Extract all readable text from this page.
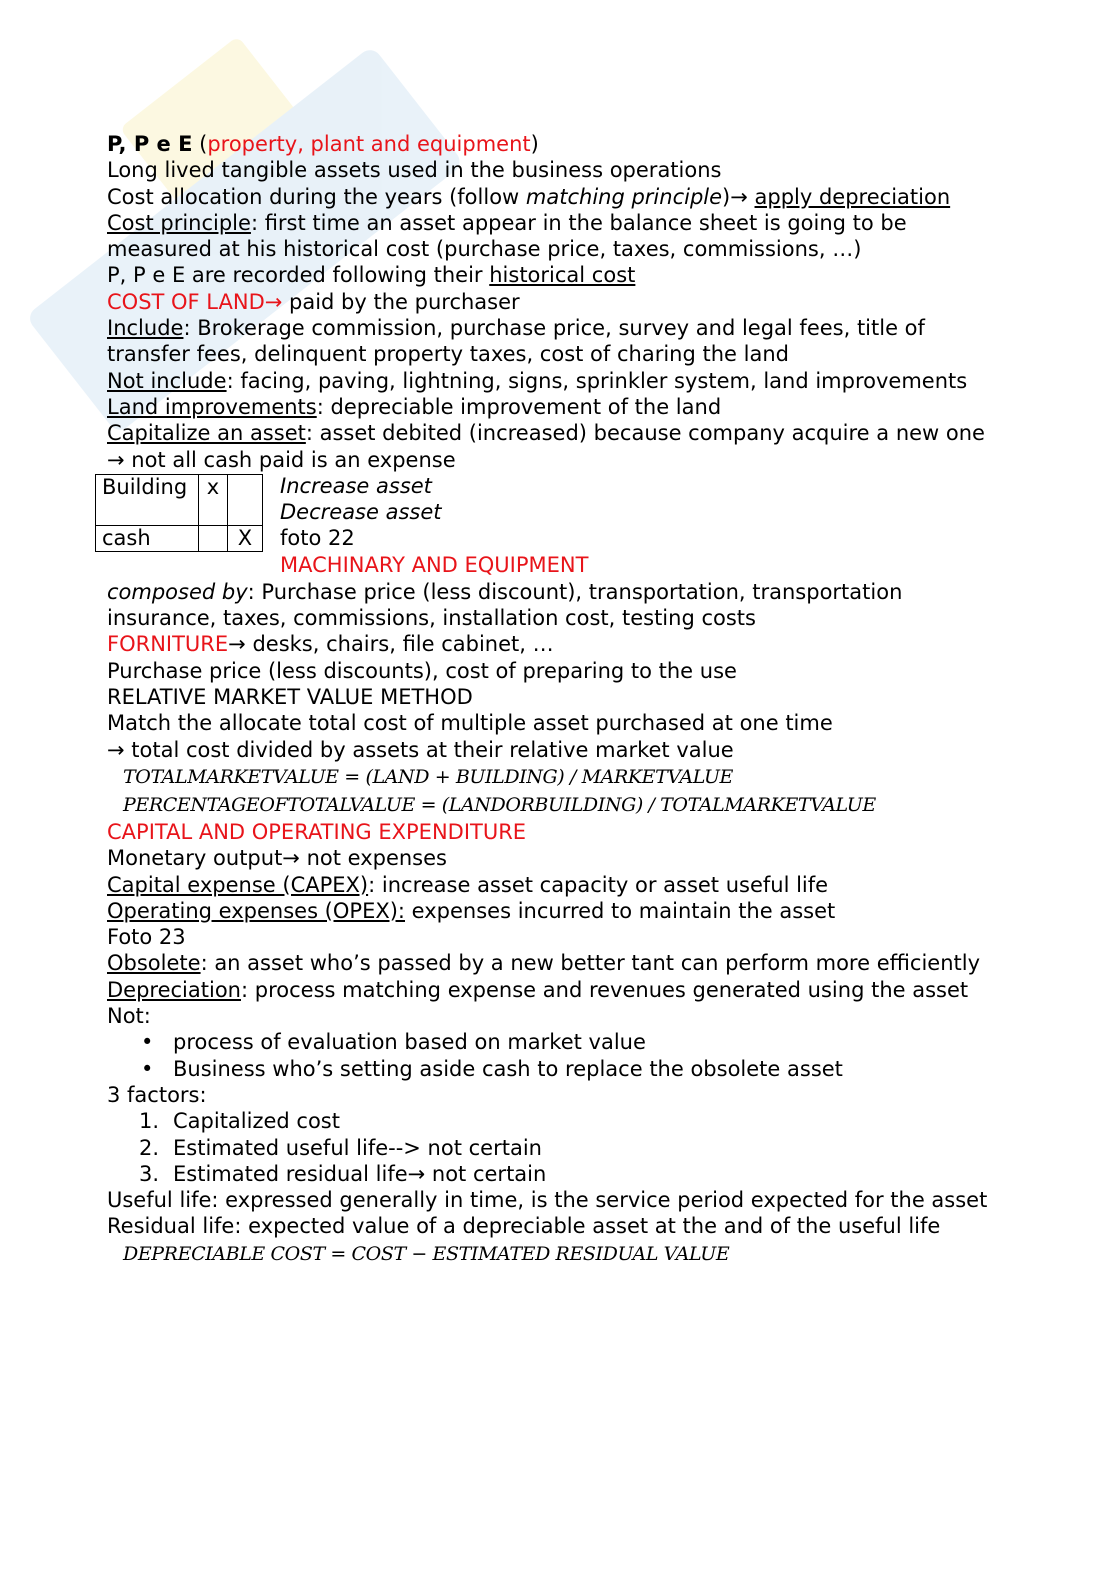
P, P e E (property, plant and equipment)
Long lived tangible assets used in the business operations
Cost allocation during the years (follow matching principle)→ apply depreciation
Cost principle: first time an asset appear in the balance sheet is going to be measured at his historical cost (purchase price, taxes, commissions, …)
P, P e E are recorded following their historical cost
COST OF LAND→ paid by the purchaser
Include: Brokerage commission, purchase price, survey and legal fees, title of transfer fees, delinquent property taxes, cost of charing the land
Not include: facing, paving, lightning, signs, sprinkler system, land improvements
Land improvements: depreciable improvement of the land
Capitalize an asset: asset debited (increased) because company acquire a new one
→ not all cash paid is an expense
Building	x	
cash		X
Increase asset
Decrease asset
foto 22
MACHINARY AND EQUIPMENT
composed by: Purchase price (less discount), transportation, transportation insurance, taxes, commissions, installation cost, testing costs
FORNITURE→ desks, chairs, file cabinet, …
Purchase price (less discounts), cost of preparing to the use
RELATIVE MARKET VALUE METHOD
Match the allocate total cost of multiple asset purchased at one time
→ total cost divided by assets at their relative market value
TOTALMARKETVALUE = (LAND + BUILDING) / MARKETVALUE
PERCENTAGEOFTOTALVALUE = (LANDORBUILDING) / TOTALMARKETVALUE
CAPITAL AND OPERATING EXPENDITURE
Monetary output→ not expenses
Capital expense (CAPEX): increase asset capacity or asset useful life
Operating expenses (OPEX): expenses incurred to maintain the asset
Foto 23
Obsolete: an asset who’s passed by a new better tant can perform more efficiently
Depreciation: process matching expense and revenues generated using the asset
Not:
• process of evaluation based on market value
• Business who’s setting aside cash to replace the obsolete asset
3 factors:
1. Capitalized cost
2. Estimated useful life--> not certain
3. Estimated residual life→ not certain
Useful life: expressed generally in time, is the service period expected for the asset
Residual life: expected value of a depreciable asset at the and of the useful life
DEPRECIABLE COST = COST − ESTIMATED RESIDUAL VALUE
